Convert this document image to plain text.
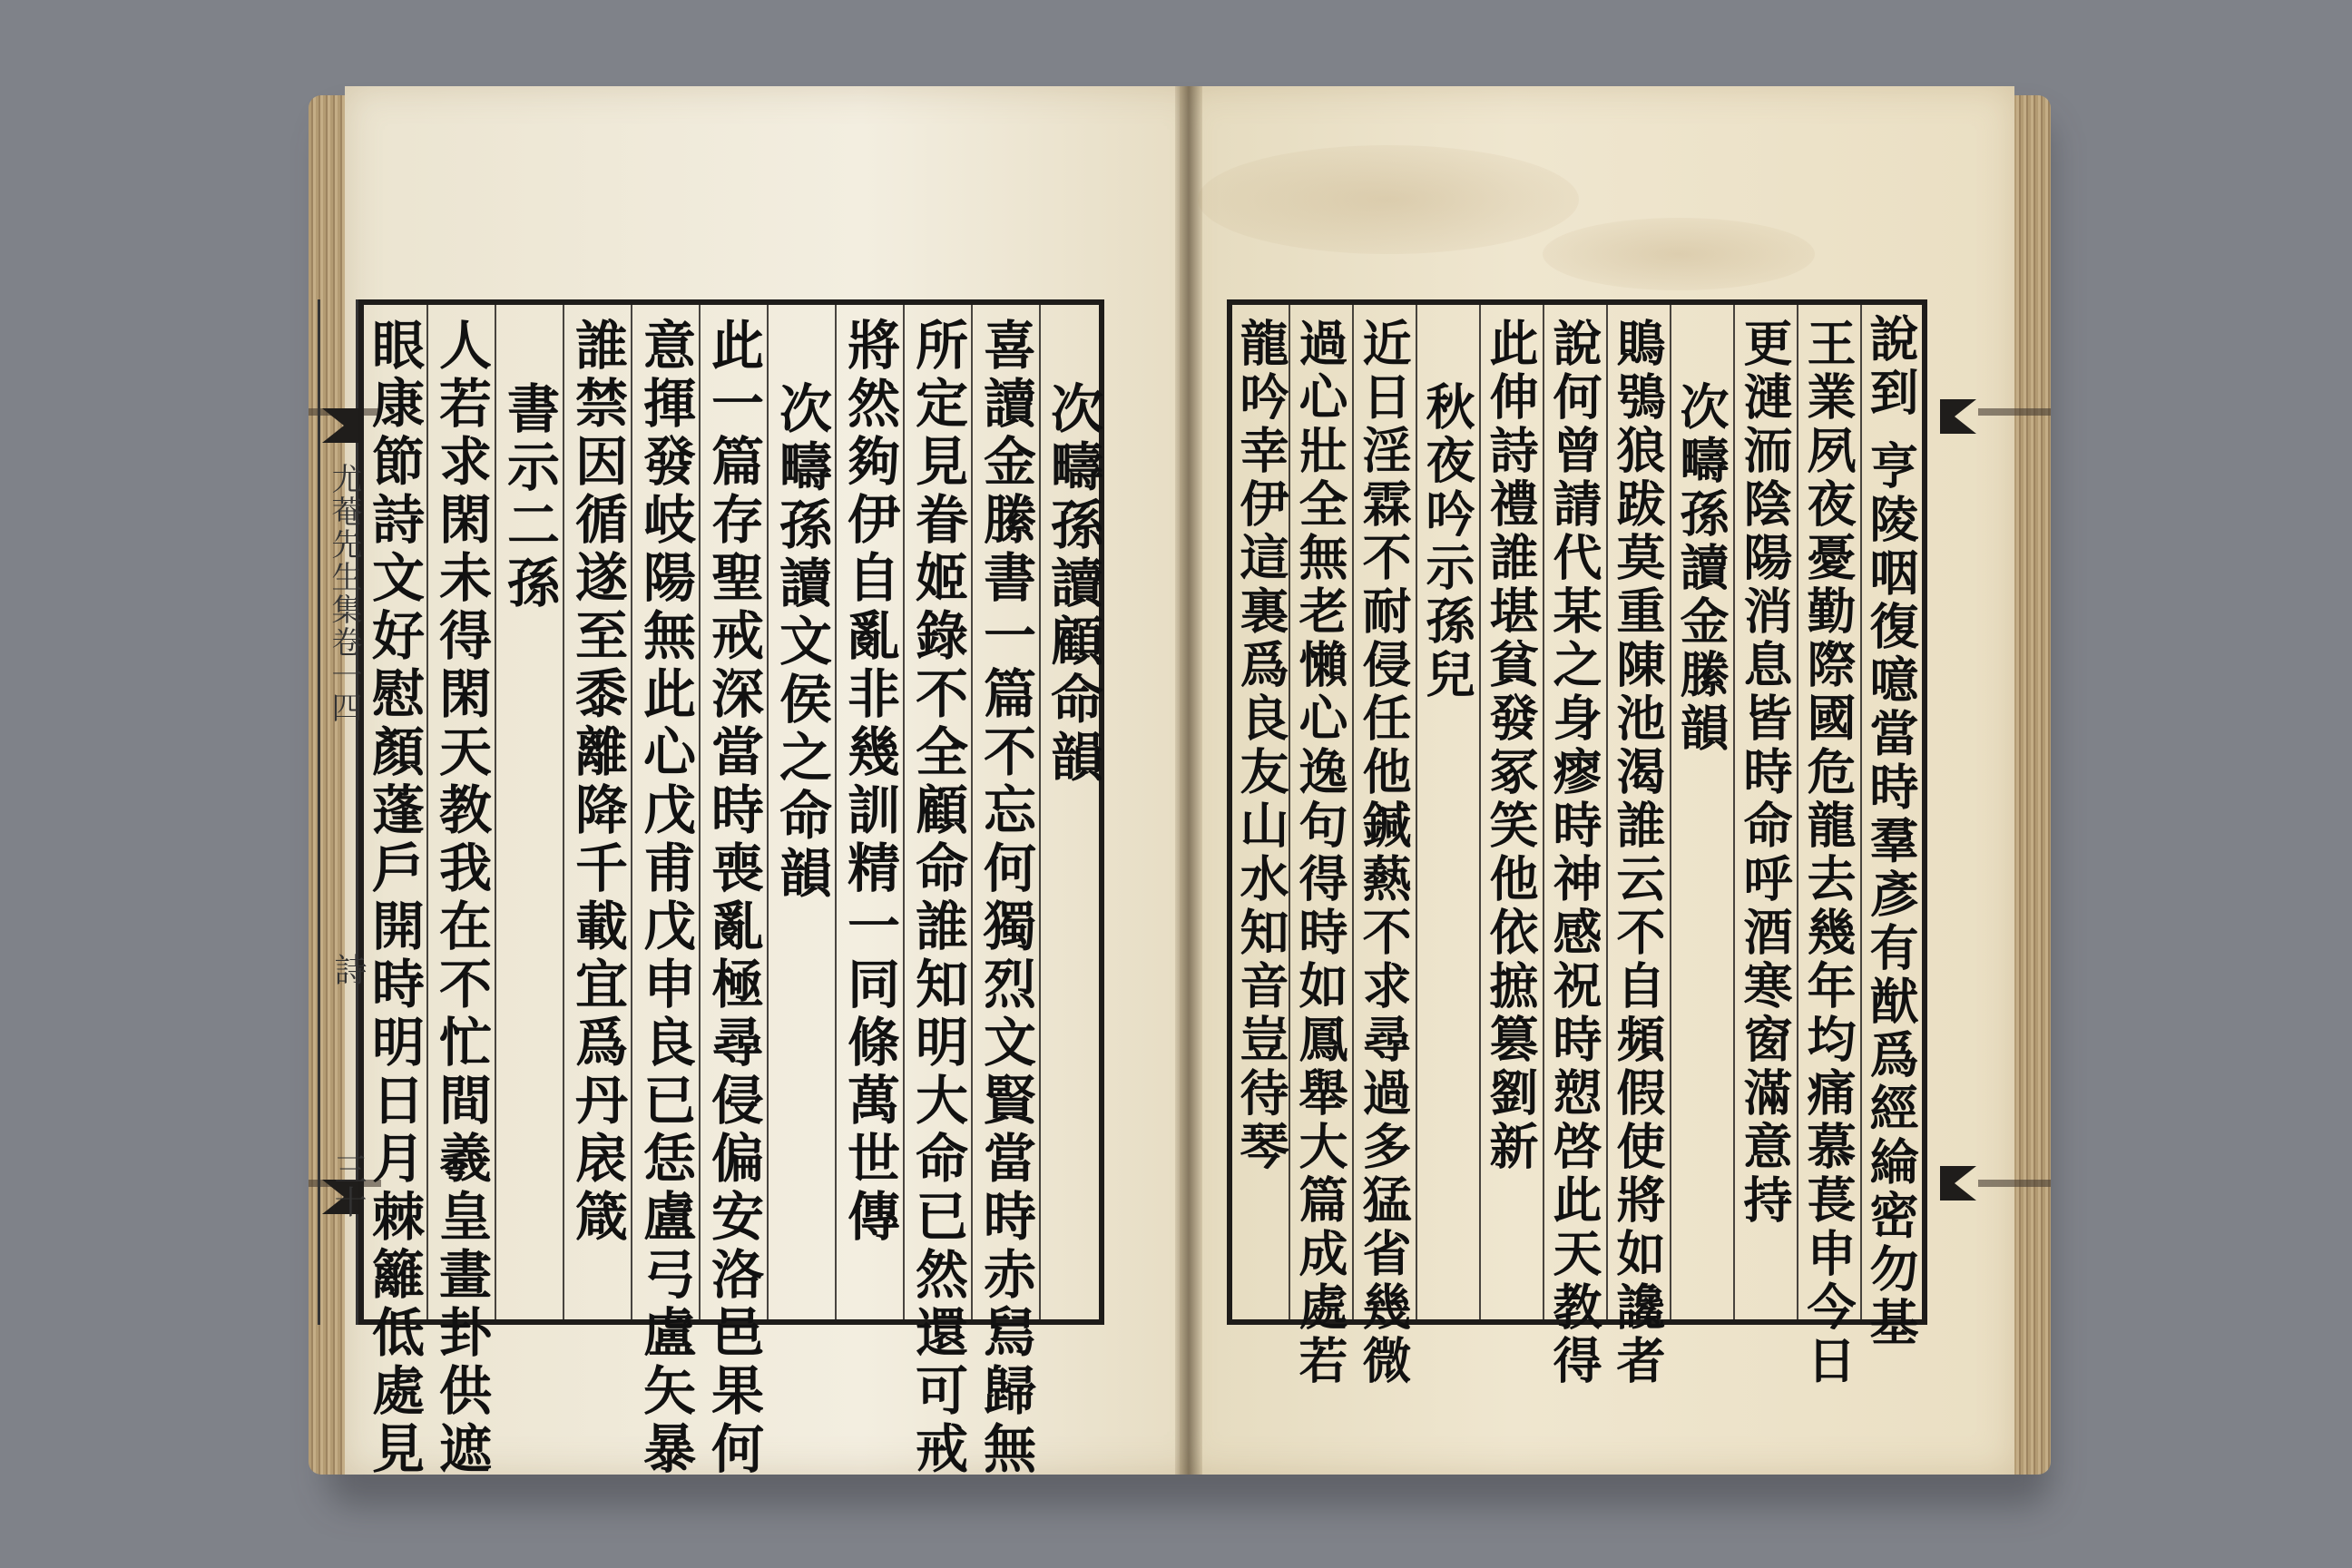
尤菴先生集卷一四
詩
三十
次疇孫讀顧命韻
喜讀金縢書一篇不忘何獨烈文賢當時赤舃歸無
所定見眷姬錄不全顧命誰知明大命已然還可戒
將然夠伊自亂非幾訓精一同條萬世傳
次疇孫讀文侯之命韻
此一篇存聖戒深當時喪亂極尋侵偏安洛邑果何
意揮發岐陽無此心戊甫戊申良已恁盧弓盧矢暴
誰禁因循遂至黍離降千載宜爲丹扆箴
書示二孫
人若求閑未得閑天教我在不忙間羲皇畫卦供遮
眼康節詩文好慰顏蓬戶開時明日月棘籬低處見	說到
亨陵咽復噫當時羣彥有猷爲經綸密勿基
王業夙夜憂勤際國危龍去幾年均痛慕萇申今日
更漣洏陰陽消息皆時命呼酒寒窗滿意持
次疇孫讀金縢韻
鵙鴞狼跋莫重陳池渴誰云不自頻假使將如讒者
說何曾請代某之身瘳時神感祝時愬啓此天教得
此伸詩禮誰堪貧發冢笑他依摭篡劉新
秋夜吟示孫兒
近日淫霖不耐侵任他鍼爇不求尋過多猛省幾微
過心壯全無老懶心逸句得時如鳳舉大篇成處若
龍吟幸伊這裏爲良友山水知音豈待琴
